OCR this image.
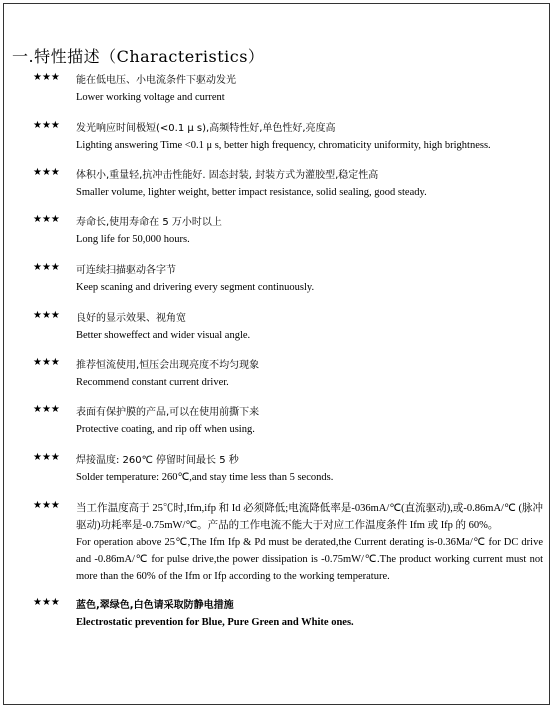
一.特性描述（Characteristics）
★★★ 能在低电压、小电流条件下驱动发光
Lower working voltage and current
★★★ 发光响应时间极短(<0.1 μ s),高频特性好,单色性好,亮度高
Lighting answering Time <0.1 μ s, better high frequency, chromaticity uniformity, high brightness.
★★★ 体积小,重量轻,抗冲击性能好. 固态封装, 封装方式为灌胶型,稳定性高
Smaller volume, lighter weight, better impact resistance, solid sealing, good steady.
★★★ 寿命长,使用寿命在 5 万小时以上
Long life for 50,000 hours.
★★★ 可连续扫描驱动各字节
Keep scaning and drivering every segment continuously.
★★★ 良好的显示效果、视角宽
Better showeffect and wider visual angle.
★★★ 推荐恒流使用,恒压会出现亮度不均匀现象
Recommend constant current driver.
★★★ 表面有保护膜的产品,可以在使用前撕下来
Protective coating, and rip off when using.
★★★ 焊接温度: 260℃ 停留时间最长 5 秒
Solder temperature: 260℃,and stay time less than 5 seconds.
★★★ 当工作温度高于 25℃时,Ifm,ifp 和 Id 必须降低;电流降低率是-036mA/℃(直流驱动),或-0.86mA/℃ (脉冲驱动)功耗率是-0.75mW/℃。产品的工作电流不能大于对应工作温度条件 Ifm 或 Ifp 的 60%。
For operation above 25℃,The Ifm Ifp & Pd must be derated,the Current derating is-0.36Ma/℃ for DC drive and -0.86mA/℃ for pulse drive,the power dissipation is -0.75mW/℃.The product working current must not more than the 60% of the Ifm or Ifp according to the working temperature.
★★★ 蓝色,翠绿色,白色请采取防静电措施
Electrostatic prevention for Blue, Pure Green and White ones.
